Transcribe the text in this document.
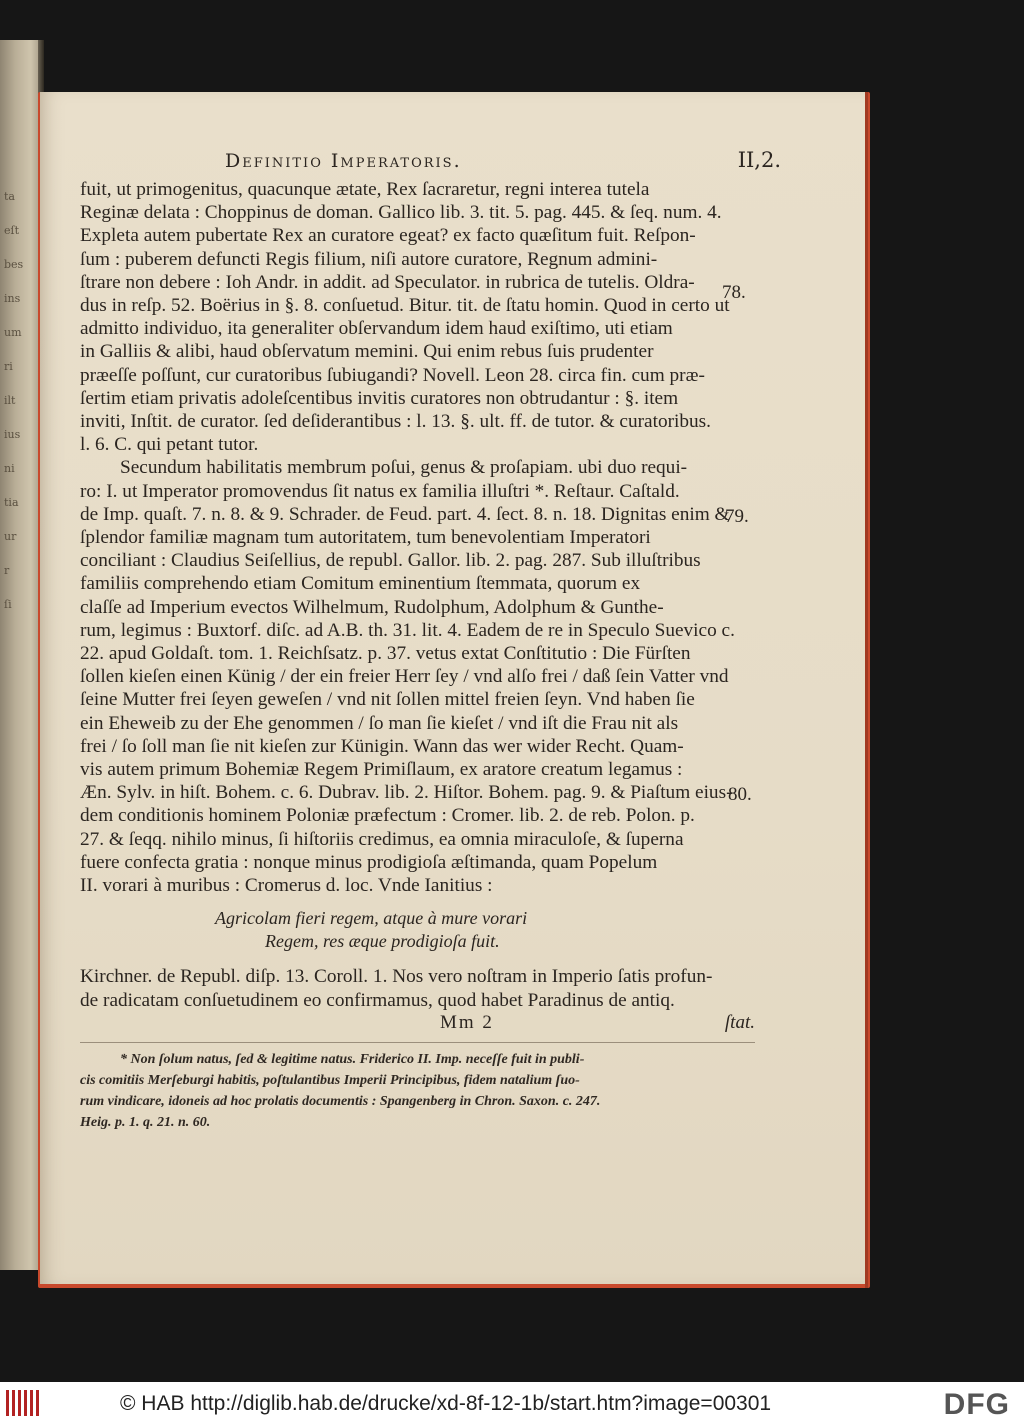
ta
eſt
bes
ins
um
ri
ilt
ius
ni
tia
ur
r
ſi
Definitio Imperatoris.	II,2.
fuit, ut primogenitus, quacunque ætate, Rex ſacraretur, regni interea tutela
Reginæ delata : Choppinus de doman. Gallico lib. 3. tit. 5. pag. 445. & ſeq. num. 4.
Expleta autem pubertate Rex an curatore egeat? ex facto quæſitum fuit. Reſpon-
ſum : puberem defuncti Regis filium, niſi autore curatore, Regnum admini-
ſtrare non debere : Ioh Andr. in addit. ad Speculator. in rubrica de tutelis. Oldra-
dus in reſp. 52. Boërius in §. 8. conſuetud. Bitur. tit. de ſtatu homin. Quod in certo ut
admitto individuo, ita generaliter obſervandum idem haud exiſtimo, uti etiam
in Galliis & alibi, haud obſervatum memini. Qui enim rebus ſuis prudenter
præeſſe poſſunt, cur curatoribus ſubiugandi? Novell. Leon 28. circa fin. cum præ-
ſertim etiam privatis adoleſcentibus invitis curatores non obtrudantur : §. item
inviti, Inſtit. de curator. ſed deſiderantibus : l. 13. §. ult. ff. de tutor. & curatoribus.
l. 6. C. qui petant tutor.
Secundum habilitatis membrum poſui, genus & proſapiam. ubi duo requi-
ro: I. ut Imperator promovendus ſit natus ex familia illuſtri *. Reſtaur. Caſtald.
de Imp. quaſt. 7. n. 8. & 9. Schrader. de Feud. part. 4. ſect. 8. n. 18. Dignitas enim &
ſplendor familiæ magnam tum autoritatem, tum benevolentiam Imperatori
conciliant : Claudius Seiſellius, de republ. Gallor. lib. 2. pag. 287. Sub illuſtribus
familiis comprehendo etiam Comitum eminentium ſtemmata, quorum ex
claſſe ad Imperium evectos Wilhelmum, Rudolphum, Adolphum & Gunthe-
rum, legimus : Buxtorf. diſc. ad A.B. th. 31. lit. 4. Eadem de re in Speculo Suevico c.
22. apud Goldaſt. tom. 1. Reichſsatz. p. 37. vetus extat Conſtitutio : Die Fürſten
ſollen kieſen einen Künig / der ein freier Herr ſey / vnd alſo frei / daß ſein Vatter vnd
ſeine Mutter frei ſeyen geweſen / vnd nit ſollen mittel freien ſeyn. Vnd haben ſie
ein Eheweib zu der Ehe genommen / ſo man ſie kieſet / vnd iſt die Frau nit als
frei / ſo ſoll man ſie nit kieſen zur Künigin. Wann das wer wider Recht. Quam-
vis autem primum Bohemiæ Regem Primiſlaum, ex aratore creatum legamus :
Æn. Sylv. in hiſt. Bohem. c. 6. Dubrav. lib. 2. Hiſtor. Bohem. pag. 9. & Piaſtum eius-
dem conditionis hominem Poloniæ præfectum : Cromer. lib. 2. de reb. Polon. p.
27. & ſeqq. nihilo minus, ſi hiſtoriis credimus, ea omnia miraculoſe, & ſuperna
fuere confecta gratia : nonque minus prodigioſa æſtimanda, quam Popelum
II. vorari à muribus : Cromerus d. loc. Vnde Ianitius :
Agricolam fieri regem, atque à mure vorari
Regem, res æque prodigioſa fuit.
Kirchner. de Republ. diſp. 13. Coroll. 1. Nos vero noſtram in Imperio ſatis profun-
de radicatam conſuetudinem eo confirmamus, quod habet Paradinus de antiq.
Mm 2	ſtat.
* Non ſolum natus, ſed & legitime natus. Friderico II. Imp. neceſſe fuit in publi-
cis comitiis Merſeburgi habitis, poſtulantibus Imperii Principibus, fidem natalium ſuo-
rum vindicare, idoneis ad hoc prolatis documentis : Spangenberg in Chron. Saxon. c. 247.
Heig. p. 1. q. 21. n. 60.
78.
79.
80.
© HAB http://diglib.hab.de/drucke/xd-8f-12-1b/start.htm?image=00301	DFG
